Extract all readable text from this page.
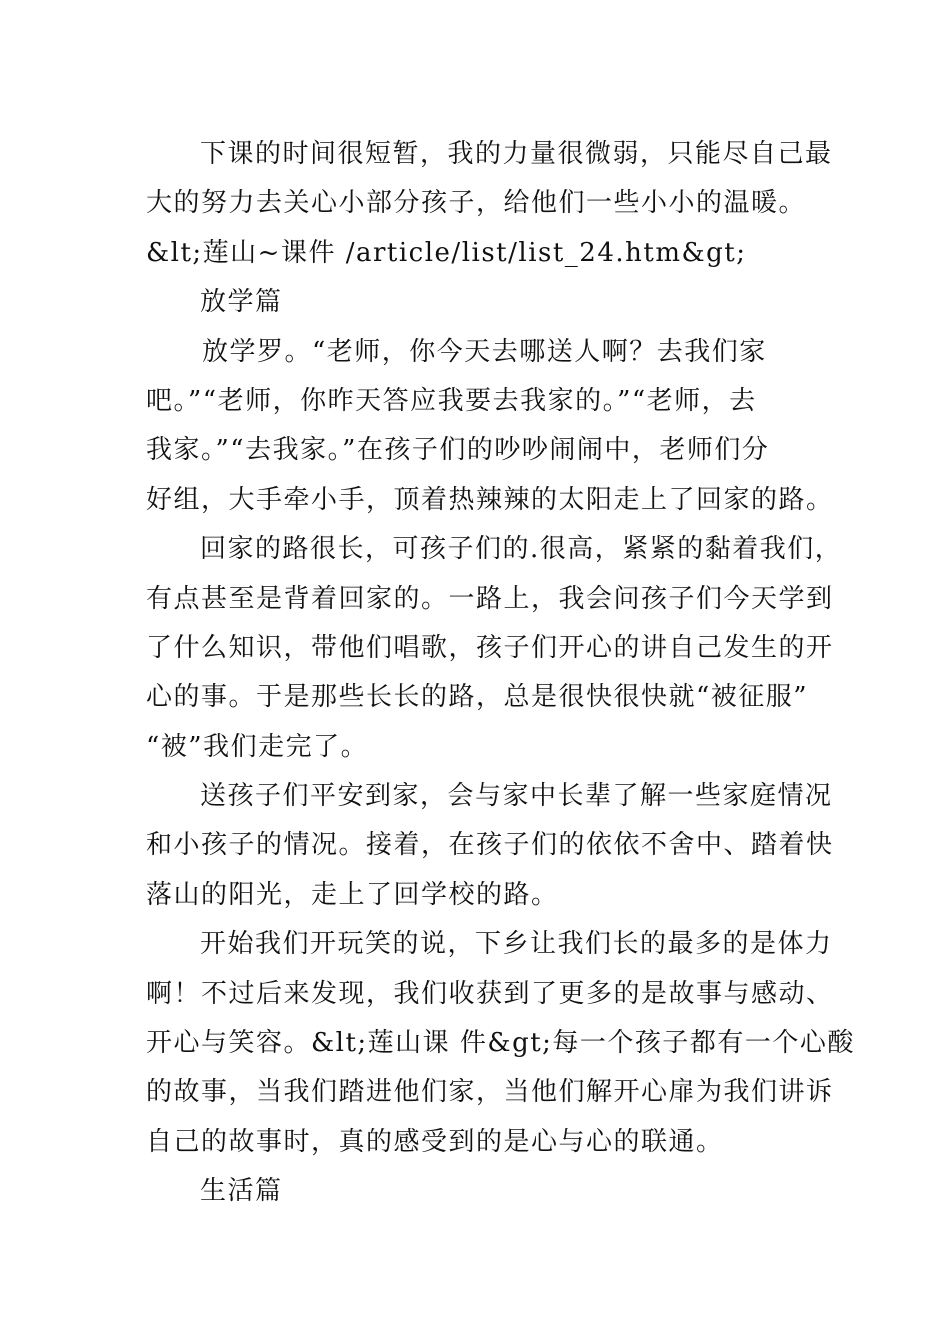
下课的时间很短暂，我的力量很微弱，只能尽自己最
大的努力去关心小部分孩子，给他们一些小小的温暖。
&lt;莲山~课件 /article/list/list_24.htm&gt;
放学篇
放学罗。“老师，你今天去哪送人啊？去我们家
吧。”“老师，你昨天答应我要去我家的。”“老师，去
我家。”“去我家。”在孩子们的吵吵闹闹中，老师们分
好组，大手牵小手，顶着热辣辣的太阳走上了回家的路。
回家的路很长，可孩子们的.很高，紧紧的黏着我们，
有点甚至是背着回家的。一路上，我会问孩子们今天学到
了什么知识，带他们唱歌，孩子们开心的讲自己发生的开
心的事。于是那些长长的路，总是很快很快就“被征服”
“被”我们走完了。
送孩子们平安到家，会与家中长辈了解一些家庭情况
和小孩子的情况。接着，在孩子们的依依不舍中、踏着快
落山的阳光，走上了回学校的路。
开始我们开玩笑的说，下乡让我们长的最多的是体力
啊！不过后来发现，我们收获到了更多的是故事与感动、
开心与笑容。&lt;莲山课 件&gt;每一个孩子都有一个心酸
的故事，当我们踏进他们家，当他们解开心扉为我们讲诉
自己的故事时，真的感受到的是心与心的联通。
生活篇
